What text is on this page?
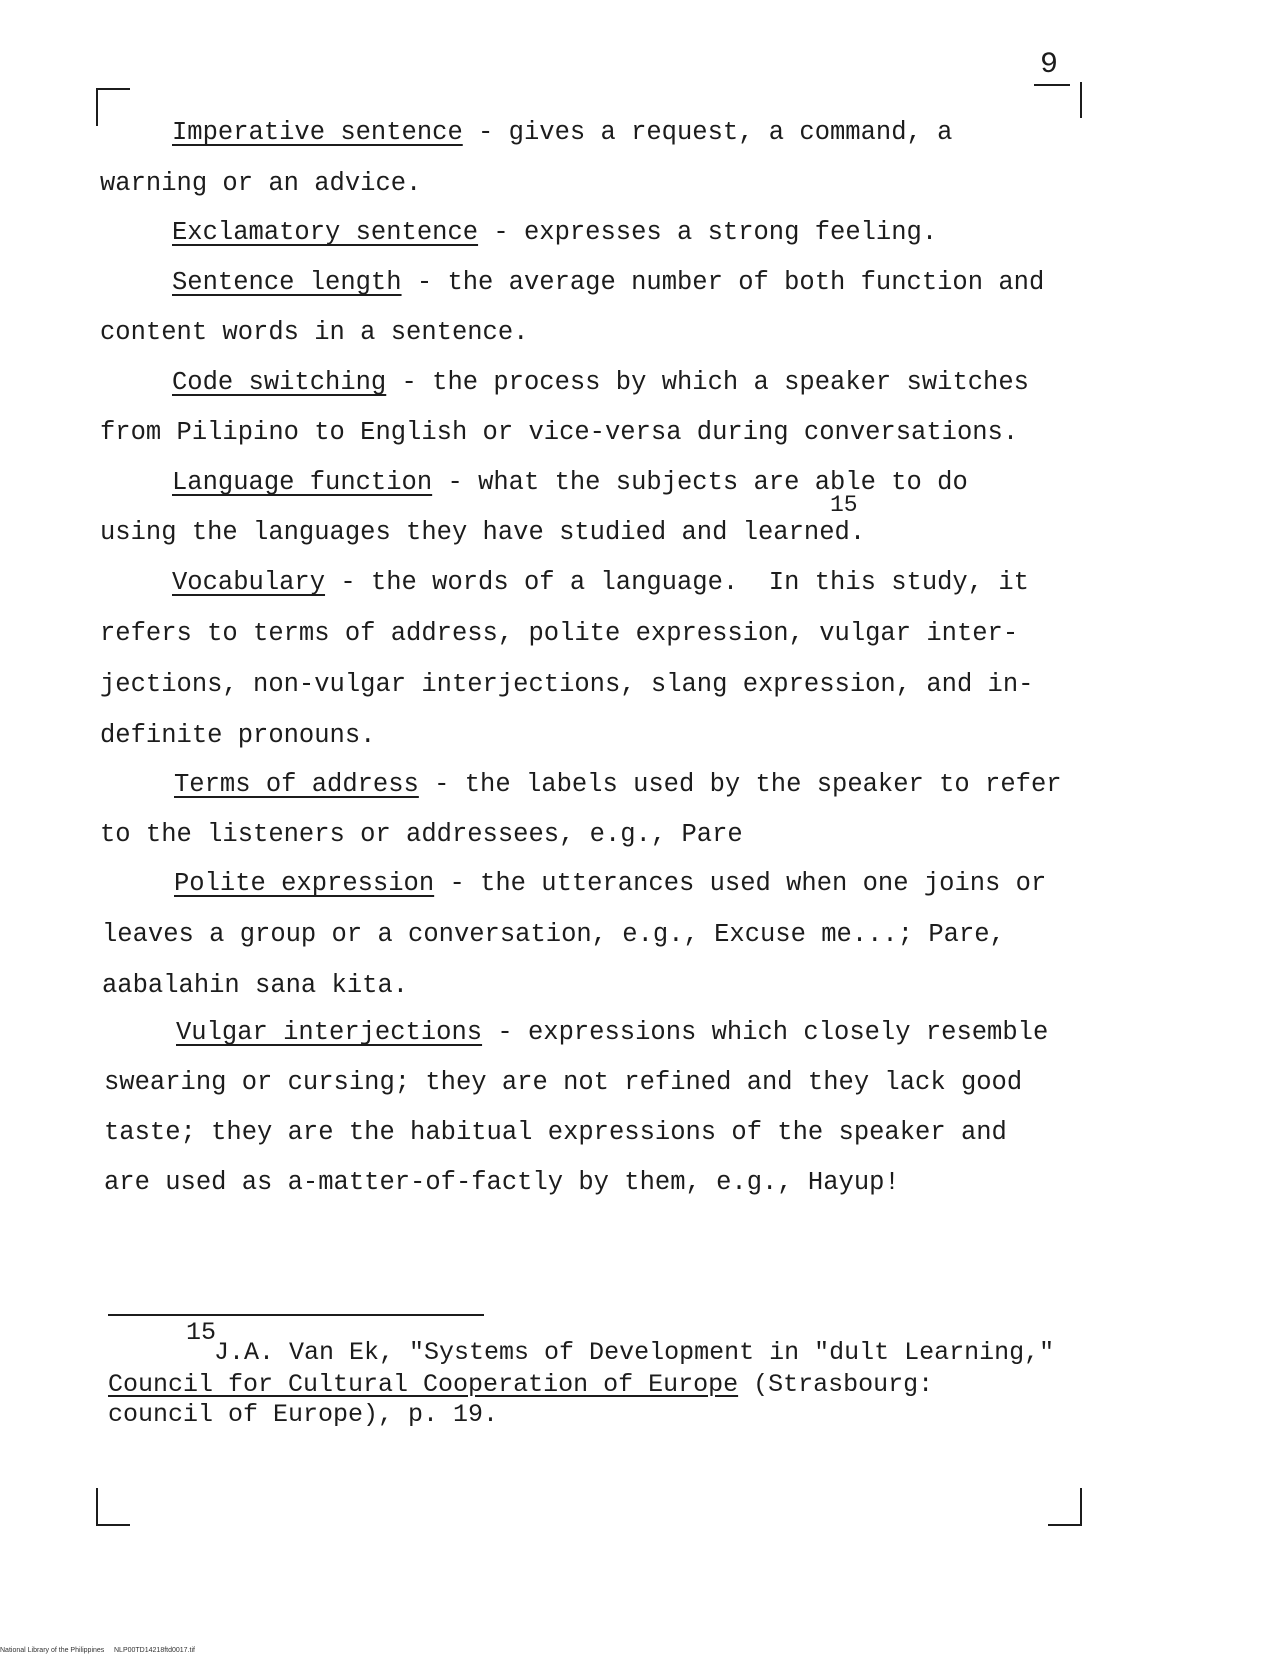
9
Imperative sentence - gives a request, a command, a
warning or an advice.
Exclamatory sentence - expresses a strong feeling.
Sentence length - the average number of both function and
content words in a sentence.
Code switching - the process by which a speaker switches
from Pilipino to English or vice-versa during conversations.
Language function - what the subjects are able to do
using the languages they have studied and learned.
15
Vocabulary - the words of a language.  In this study, it
refers to terms of address, polite expression, vulgar inter-
jections, non-vulgar interjections, slang expression, and in-
definite pronouns.
Terms of address - the labels used by the speaker to refer
to the listeners or addressees, e.g., Pare
Polite expression - the utterances used when one joins or
leaves a group or a conversation, e.g., Excuse me...; Pare,
aabalahin sana kita.
Vulgar interjections - expressions which closely resemble
swearing or cursing; they are not refined and they lack good
taste; they are the habitual expressions of the speaker and
are used as a-matter-of-factly by them, e.g., Hayup!
15
J.A. Van Ek, "Systems of Development in "dult Learning,"
Council for Cultural Cooperation of Europe (Strasbourg:
council of Europe), p. 19.
National Library of the Philippines     NLP00TD14218ftd0017.tif
